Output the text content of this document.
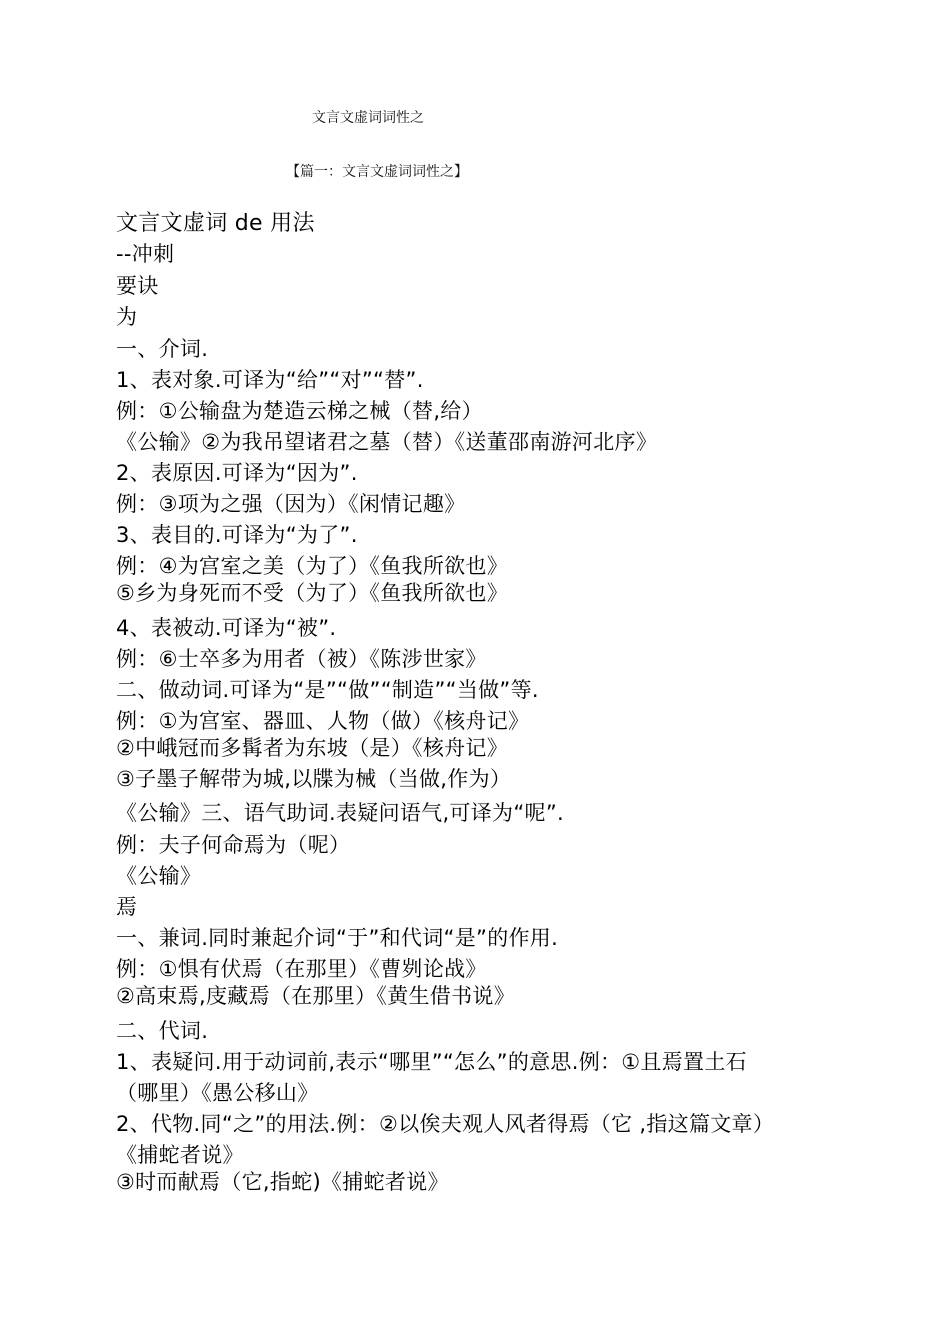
文言文虚词词性之
【篇一：文言文虚词词性之】
文言文虚词 de 用法
--冲刺
要诀
为
一、介词.
1、表对象.可译为“给”“对”“替”.
例：①公输盘为楚造云梯之械（替,给）
《公输》②为我吊望诸君之墓（替）《送董邵南游河北序》
2、表原因.可译为“因为”.
例：③项为之强（因为）《闲情记趣》
3、表目的.可译为“为了”.
例：④为宫室之美（为了）《鱼我所欲也》
⑤乡为身死而不受（为了）《鱼我所欲也》
4、表被动.可译为“被”.
例：⑥士卒多为用者（被）《陈涉世家》
二、做动词.可译为“是”“做”“制造”“当做”等.
例：①为宫室、器皿、人物（做）《核舟记》
②中峨冠而多髯者为东坡（是）《核舟记》
③子墨子解带为城,以牒为械（当做,作为）
《公输》三、语气助词.表疑问语气,可译为“呢”.
例：夫子何命焉为（呢）
《公输》
焉
一、兼词.同时兼起介词“于”和代词“是”的作用.
例：①惧有伏焉（在那里）《曹刿论战》
②高束焉,庋藏焉（在那里）《黄生借书说》
二、代词.
1、表疑问.用于动词前,表示“哪里”“怎么”的意思.例：①且焉置土石
（哪里）《愚公移山》
2、代物.同“之”的用法.例：②以俟夫观人风者得焉（它 ,指这篇文章）
《捕蛇者说》
③时而献焉（它,指蛇)《捕蛇者说》
